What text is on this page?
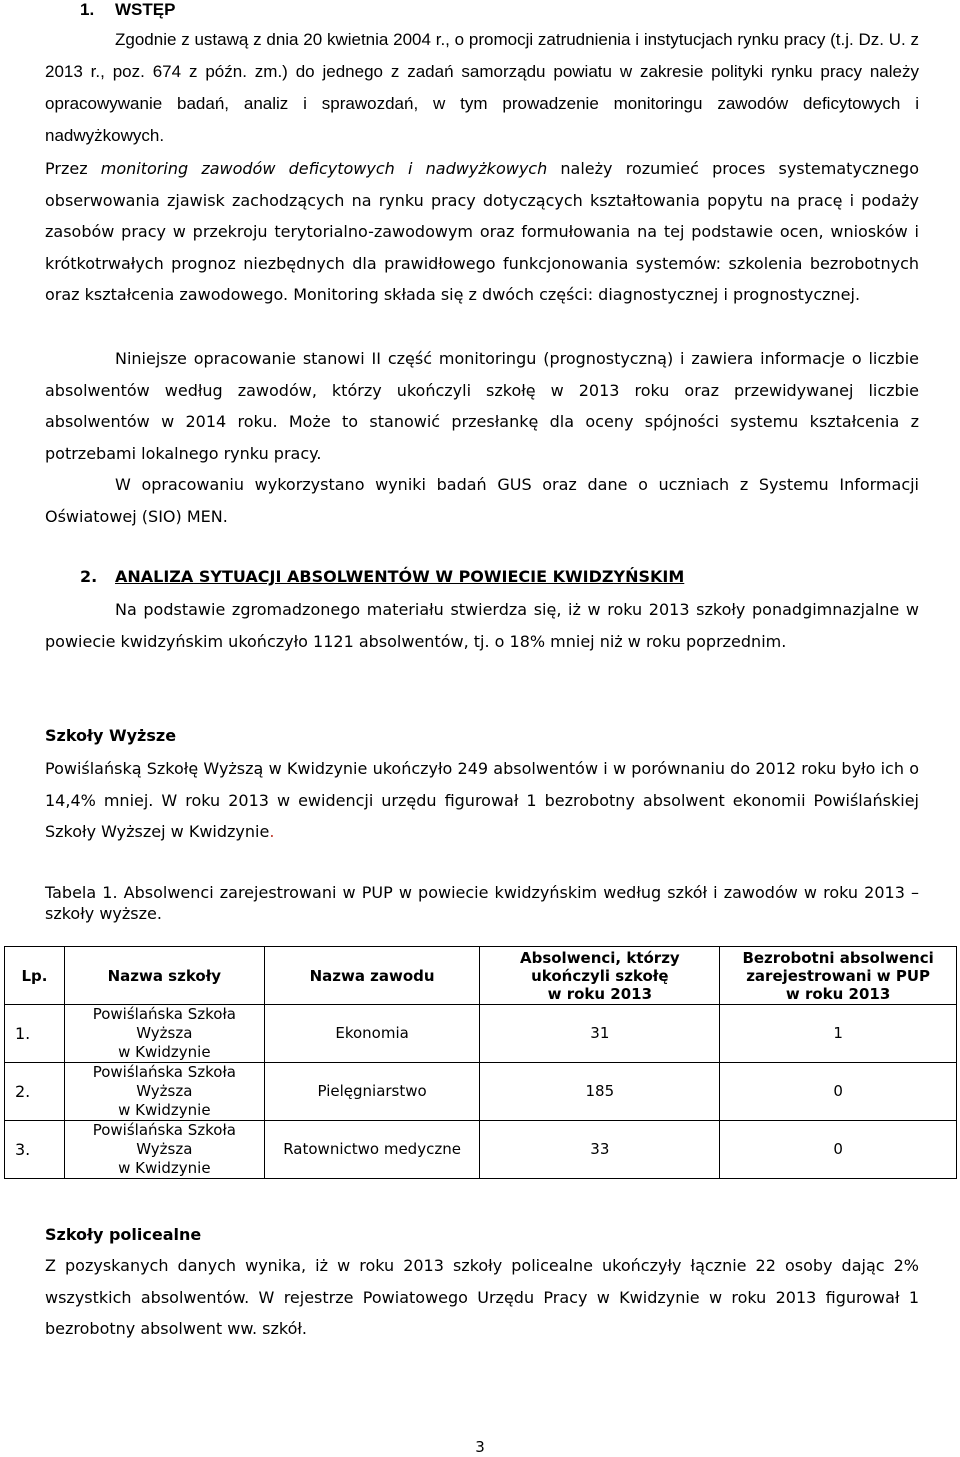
1. WSTĘP

Zgodnie z ustawą z dnia 20 kwietnia 2004 r., o promocji zatrudnienia i instytucjach rynku pracy (t.j. Dz. U. z 2013 r., poz. 674 z późn. zm.) do jednego z zadań samorządu powiatu w zakresie polityki rynku pracy należy opracowywanie badań, analiz i sprawozdań, w tym prowadzenie monitoringu zawodów deficytowych i nadwyżkowych.

Przez monitoring zawodów deficytowych i nadwyżkowych należy rozumieć proces systematycznego obserwowania zjawisk zachodzących na rynku pracy dotyczących kształtowania popytu na pracę i podaży zasobów pracy w przekroju terytorialno-zawodowym oraz formułowania na tej podstawie ocen, wniosków i krótkotrwałych prognoz niezbędnych dla prawidłowego funkcjonowania systemów: szkolenia bezrobotnych oraz kształcenia zawodowego. Monitoring składa się z dwóch części: diagnostycznej i prognostycznej.

Niniejsze opracowanie stanowi II część monitoringu (prognostyczną) i zawiera informacje o liczbie absolwentów według zawodów, którzy ukończyli szkołę w 2013 roku oraz przewidywanej liczbie absolwentów w 2014 roku. Może to stanowić przesłankę dla oceny spójności systemu kształcenia z potrzebami lokalnego rynku pracy.

W opracowaniu wykorzystano wyniki badań GUS oraz dane o uczniach z Systemu Informacji Oświatowej (SIO) MEN.

2. ANALIZA SYTUACJI ABSOLWENTÓW W POWIECIE KWIDZYŃSKIM

Na podstawie zgromadzonego materiału stwierdza się, iż w roku 2013 szkoły ponadgimnazjalne w powiecie kwidzyńskim ukończyło 1121 absolwentów, tj. o 18% mniej niż w roku poprzednim.

Szkoły Wyższe

Powiślańską Szkołę Wyższą w Kwidzynie ukończyło 249 absolwentów i w porównaniu do 2012 roku było ich o 14,4% mniej. W roku 2013 w ewidencji urzędu figurował 1 bezrobotny absolwent ekonomii Powiślańskiej Szkoły Wyższej w Kwidzynie.

Tabela 1. Absolwenci zarejestrowani w PUP w powiecie kwidzyńskim według szkół i zawodów w roku 2013 – szkoły wyższe.

Lp.	Nazwa szkoły	Nazwa zawodu	Absolwenci, którzy
ukończyli szkołę
w roku 2013	Bezrobotni absolwenci
zarejestrowani w PUP
w roku 2013
1.	Powiślańska Szkoła
Wyższa
w Kwidzynie	Ekonomia	31	1
2.	Powiślańska Szkoła
Wyższa
w Kwidzynie	Pielęgniarstwo	185	0
3.	Powiślańska Szkoła
Wyższa
w Kwidzynie	Ratownictwo medyczne	33	0
Szkoły policealne

Z pozyskanych danych wynika, iż w roku 2013 szkoły policealne ukończyły łącznie 22 osoby dając 2% wszystkich absolwentów. W rejestrze Powiatowego Urzędu Pracy w Kwidzynie w roku 2013 figurował 1 bezrobotny absolwent ww. szkół.

3
